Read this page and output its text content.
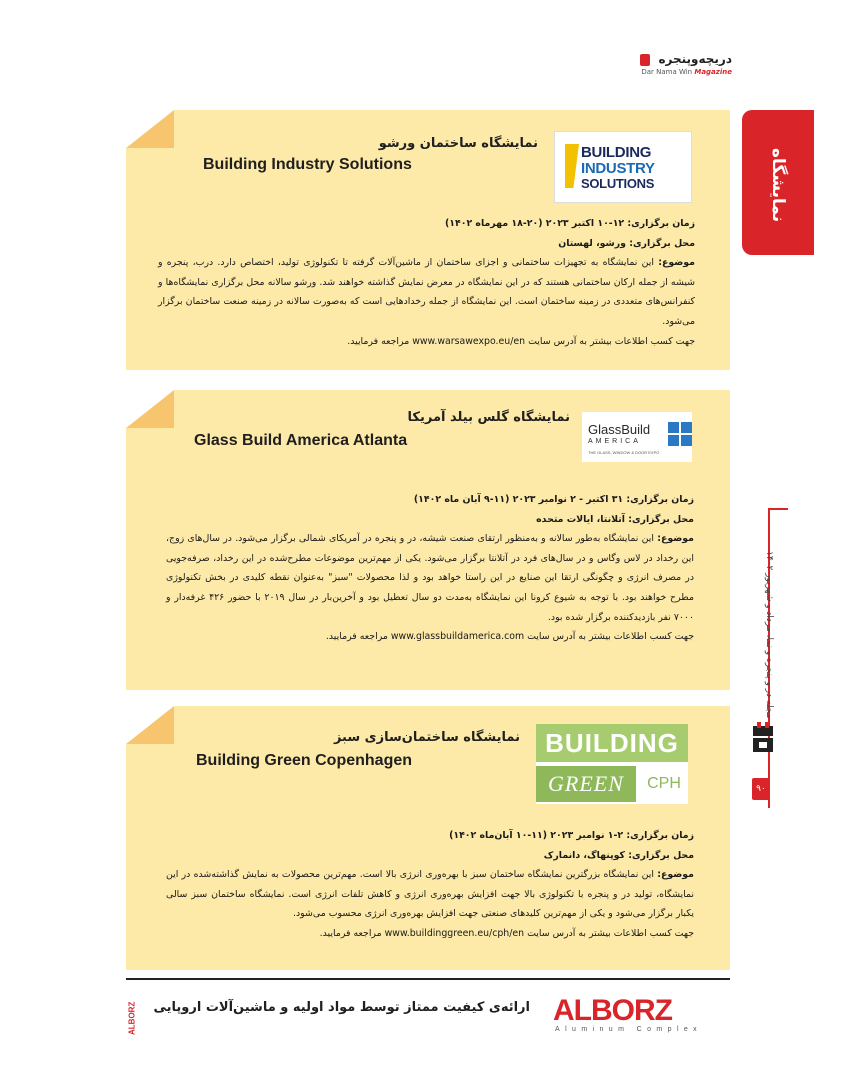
دریچه‌وپنجره
Dar Nama Win Magazine
نمایشگاه
مجله در و پنجره و نما، مرداد و شهریور ۱۴۰۲
۹۰
BUILDING
INDUSTRY
SOLUTIONS
نمایشگاه ساختمان ورشو
Building Industry Solutions

زمان برگزاری: ۱۲-۱۰ اکتبر ۲۰۲۳ (۲۰-۱۸ مهرماه ۱۴۰۲)

محل برگزاری: ورشو، لهستان

موضوع: این نمایشگاه به تجهیزات ساختمانی و اجزای ساختمان از ماشین‌آلات گرفته تا تکنولوژی تولید، اختصاص دارد. درب، پنجره و شیشه از جمله ارکان ساختمانی هستند که در این نمایشگاه در معرض نمایش گذاشته خواهند شد. ورشو سالانه محل برگزاری نمایشگاه‌ها و کنفرانس‌های متعددی در زمینه ساختمان است. این نمایشگاه از جمله رخدادهایی است که به‌صورت سالانه در زمینه صنعت ساختمان برگزار می‌شود.

جهت کسب اطلاعات بیشتر به آدرس سایت www.warsawexpo.eu/en مراجعه فرمایید.

GlassBuild
AMERICA
THE GLASS, WINDOW & DOOR EXPO
نمایشگاه گلس بیلد آمریکا
Glass Build America Atlanta

زمان برگزاری: ۳۱ اکتبر - ۲ نوامبر ۲۰۲۳ (۱۱-۹ آبان ماه ۱۴۰۲)

محل برگزاری: آتلانتا، ایالات متحده

موضوع: این نمایشگاه به‌طور سالانه و به‌منظور ارتقای صنعت شیشه، در و پنجره در آمریکای شمالی برگزار می‌شود. در سال‌های زوج، این رخداد در لاس وگاس و در سال‌های فرد در آتلانتا برگزار می‌شود. یکی از مهم‌ترین موضوعات مطرح‌شده در این رخداد، صرفه‌جویی در مصرف انرژی و چگونگی ارتقا این صنایع در این راستا خواهد بود و لذا محصولات "سبز" به‌عنوان نقطه کلیدی در بخش تکنولوژی مطرح خواهند بود. با توجه به شیوع کرونا این نمایشگاه به‌مدت دو سال تعطیل بود و آخرین‌بار در سال ۲۰۱۹ با حضور ۴۲۶ غرفه‌دار و ۷۰۰۰ نفر بازدیدکننده برگزار شده بود.

جهت کسب اطلاعات بیشتر به آدرس سایت www.glassbuildamerica.com مراجعه فرمایید.

BUILDING
GREEN	CPH
نمایشگاه ساختمان‌سازی سبز
Building Green Copenhagen

زمان برگزاری: ۲-۱ نوامبر ۲۰۲۳ (۱۱-۱۰ آبان‌ماه ۱۴۰۲)

محل برگزاری: کوپنهاگ، دانمارک

موضوع: این نمایشگاه بزرگترین نمایشگاه ساختمان سبز با بهره‌وری انرژی بالا است. مهم‌ترین محصولات به نمایش گذاشته‌شده در این نمایشگاه، تولید در و پنجره با تکنولوژی بالا جهت افزایش بهره‌وری انرژی و کاهش تلفات انرژی است. نمایشگاه ساختمان سبز سالی یکبار برگزار می‌شود و یکی از مهم‌ترین کلیدهای صنعتی جهت افزایش بهره‌وری انرژی محسوب می‌شود.

جهت کسب اطلاعات بیشتر به آدرس سایت www.buildinggreen.eu/cph/en مراجعه فرمایید.

ALBORZ ارائه‌ی کیفیت ممتاز توسط مواد اولیه و ماشین‌آلات اروپایی ALBORZ
Aluminum Complex
